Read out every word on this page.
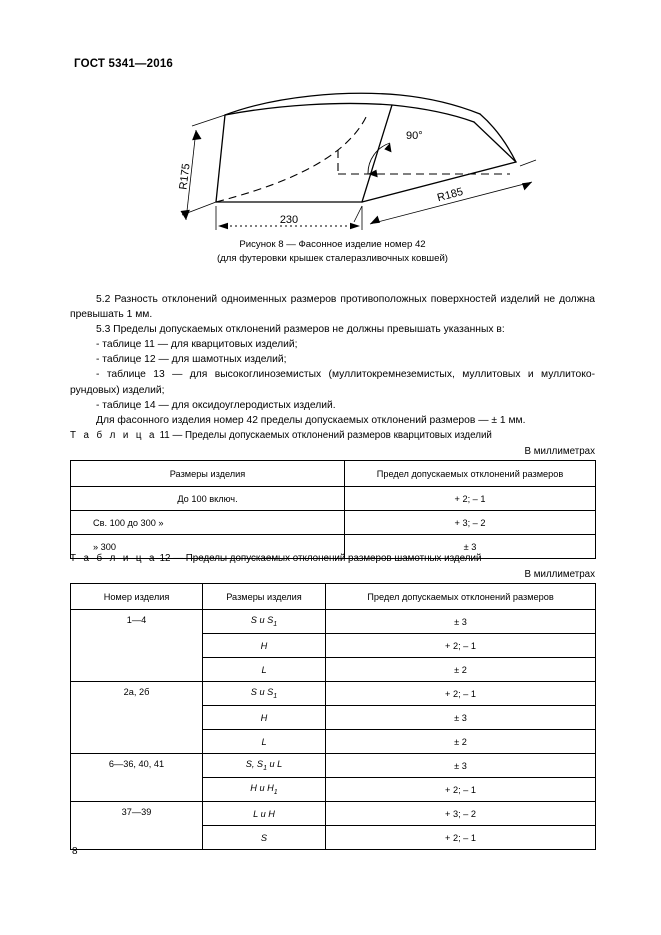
ГОСТ 5341—2016
R175
230
R185
90°
Рисунок 8 — Фасонное изделие номер 42
(для футеровки крышек сталеразливочных ковшей)

5.2 Разность отклонений одноименных размеров противоположных поверхностей изделий не должна превышать 1 мм.

5.3 Пределы допускаемых отклонений размеров не должны превышать указанных в:

- таблице 11 — для кварцитовых изделий;

- таблице 12 — для шамотных изделий;

- таблице 13 — для высокоглиноземистых (муллитокремнеземистых, муллитовых и муллитоко-рундовых) изделий;

- таблице 14 — для оксидоуглеродистых изделий.

Для фасонного изделия номер 42 пределы допускаемых отклонений размеров — ± 1 мм.

Т а б л и ц а 11 — Пределы допускаемых отклонений размеров кварцитовых изделий
В миллиметрах
Размеры изделия	Предел допускаемых отклонений размеров
До 100 включ.	+ 2; – 1
Св. 100 до 300 »	+ 3; – 2
» 300	± 3
Т а б л и ц а 12 — Пределы допускаемых отклонений размеров шамотных изделий
В миллиметрах
Номер изделия	Размеры изделия	Предел допускаемых отклонений размеров
1—4	S и $S_1$	± 3
	H	+ 2; – 1
	L	± 2
2а, 2б	S и $S_1$	+ 2; – 1
	H	± 3
	L	± 2
6—36, 40, 41	S, $S_1$ и L	± 3
	H и $H_1$	+ 2; – 1
37—39	L и H	+ 3; – 2
	S	+ 2; – 1
8
